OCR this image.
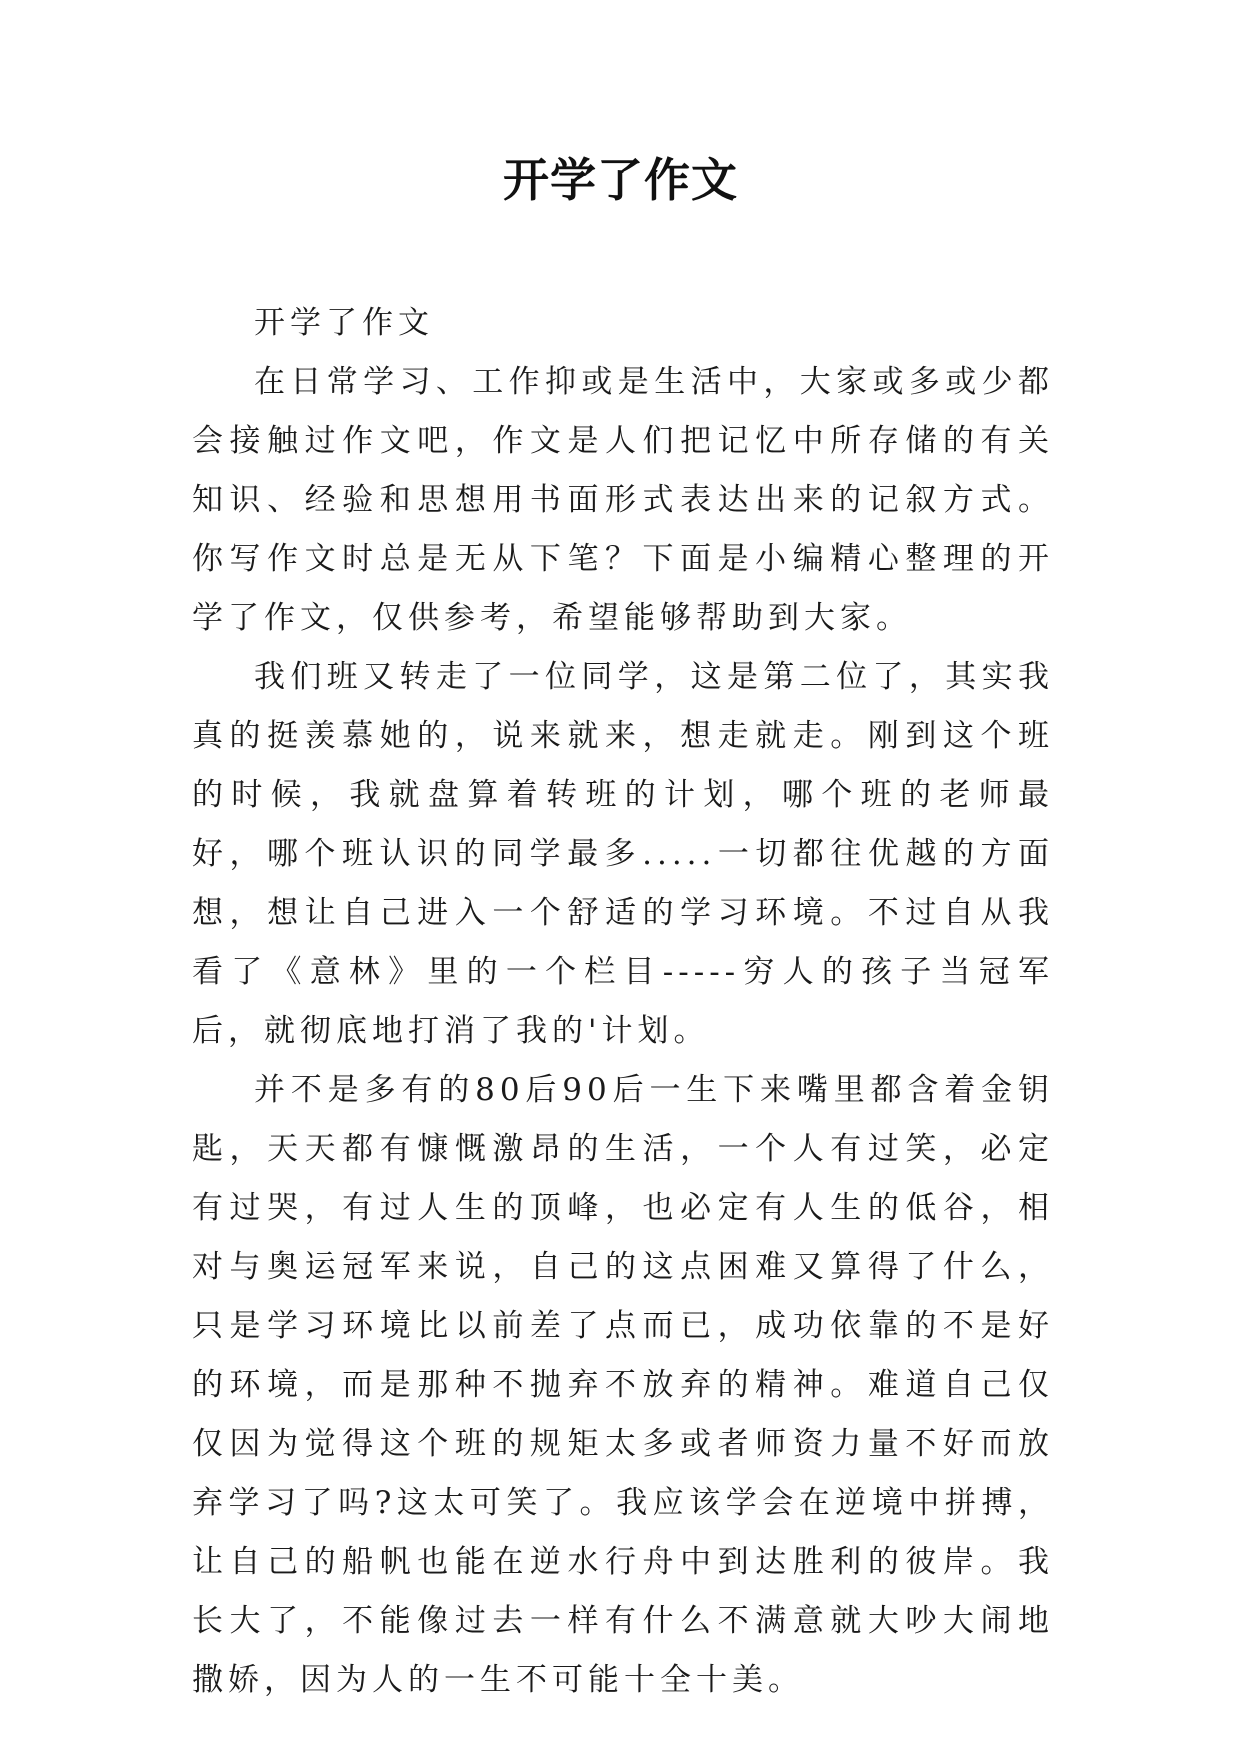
开学了作文

开学了作文

在日常学习、工作抑或是生活中，大家或多或少都会接触过作文吧，作文是人们把记忆中所存储的有关知识、经验和思想用书面形式表达出来的记叙方式。你写作文时总是无从下笔？下面是小编精心整理的开学了作文，仅供参考，希望能够帮助到大家。

我们班又转走了一位同学，这是第二位了，其实我真的挺羡慕她的，说来就来，想走就走。刚到这个班的时候，我就盘算着转班的计划，哪个班的老师最好，哪个班认识的同学最多.....一切都往优越的方面想，想让自己进入一个舒适的学习环境。不过自从我看了《意林》里的一个栏目-----穷人的孩子当冠军后，就彻底地打消了我的'计划。

并不是多有的80后90后一生下来嘴里都含着金钥匙，天天都有慷慨激昂的生活，一个人有过笑，必定有过哭，有过人生的顶峰，也必定有人生的低谷，相对与奥运冠军来说，自己的这点困难又算得了什么，只是学习环境比以前差了点而已，成功依靠的不是好的环境，而是那种不抛弃不放弃的精神。难道自己仅仅因为觉得这个班的规矩太多或者师资力量不好而放弃学习了吗?这太可笑了。我应该学会在逆境中拼搏，让自己的船帆也能在逆水行舟中到达胜利的彼岸。我长大了，不能像过去一样有什么不满意就大吵大闹地撒娇，因为人的一生不可能十全十美。
